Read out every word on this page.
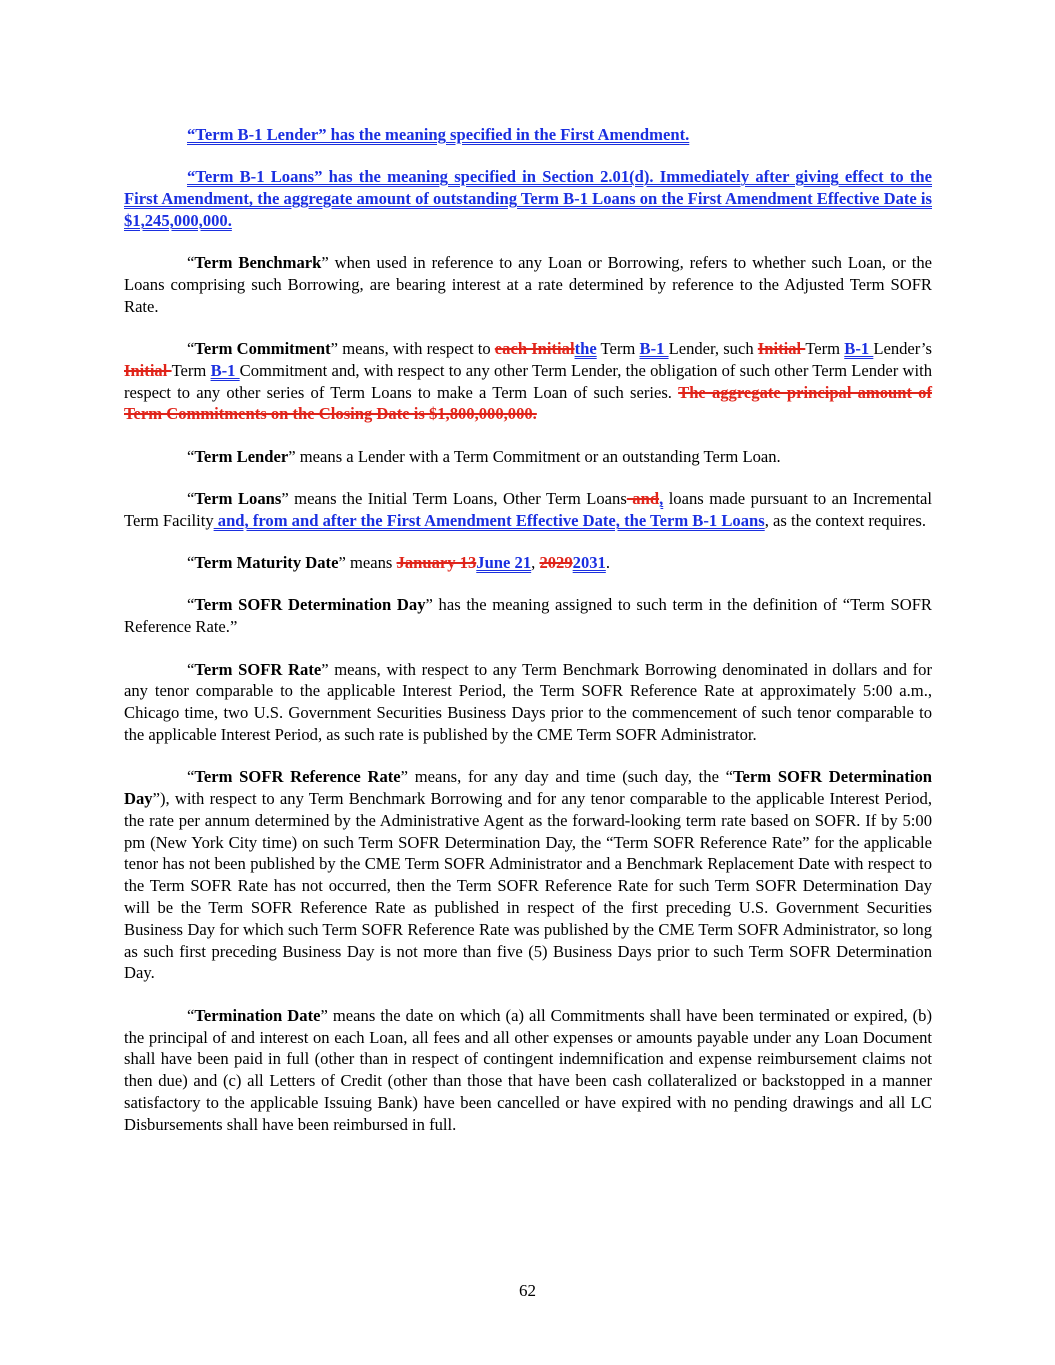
“Term B-1 Lender” has the meaning specified in the First Amendment.

“Term B-1 Loans” has the meaning specified in Section 2.01(d). Immediately after giving effect to the First Amendment, the aggregate amount of outstanding Term B-1 Loans on the First Amendment Effective Date is $1,245,000,000.

“Term Benchmark” when used in reference to any Loan or Borrowing, refers to whether such Loan, or the Loans comprising such Borrowing, are bearing interest at a rate determined by reference to the Adjusted Term SOFR Rate.

“Term Commitment” means, with respect to each Initialthe Term B-1 Lender, such Initial Term B-1 Lender’s Initial Term B-1 Commitment and, with respect to any other Term Lender, the obligation of such other Term Lender with respect to any other series of Term Loans to make a Term Loan of such series. The aggregate principal amount of Term Commitments on the Closing Date is $1,800,000,000.

“Term Lender” means a Lender with a Term Commitment or an outstanding Term Loan.

“Term Loans” means the Initial Term Loans, Other Term Loans and, loans made pursuant to an Incremental Term Facility and, from and after the First Amendment Effective Date, the Term B-1 Loans, as the context requires.

“Term Maturity Date” means January 13June 21, 20292031.

“Term SOFR Determination Day” has the meaning assigned to such term in the definition of “Term SOFR Reference Rate.”

“Term SOFR Rate” means, with respect to any Term Benchmark Borrowing denominated in dollars and for any tenor comparable to the applicable Interest Period, the Term SOFR Reference Rate at approximately 5:00 a.m., Chicago time, two U.S. Government Securities Business Days prior to the commencement of such tenor comparable to the applicable Interest Period, as such rate is published by the CME Term SOFR Administrator.

“Term SOFR Reference Rate” means, for any day and time (such day, the “Term SOFR Determination Day”), with respect to any Term Benchmark Borrowing and for any tenor comparable to the applicable Interest Period, the rate per annum determined by the Administrative Agent as the forward-looking term rate based on SOFR. If by 5:00 pm (New York City time) on such Term SOFR Determination Day, the “Term SOFR Reference Rate” for the applicable tenor has not been published by the CME Term SOFR Administrator and a Benchmark Replacement Date with respect to the Term SOFR Rate has not occurred, then the Term SOFR Reference Rate for such Term SOFR Determination Day will be the Term SOFR Reference Rate as published in respect of the first preceding U.S. Government Securities Business Day for which such Term SOFR Reference Rate was published by the CME Term SOFR Administrator, so long as such first preceding Business Day is not more than five (5) Business Days prior to such Term SOFR Determination Day.

“Termination Date” means the date on which (a) all Commitments shall have been terminated or expired, (b) the principal of and interest on each Loan, all fees and all other expenses or amounts payable under any Loan Document shall have been paid in full (other than in respect of contingent indemnification and expense reimbursement claims not then due) and (c) all Letters of Credit (other than those that have been cash collateralized or backstopped in a manner satisfactory to the applicable Issuing Bank) have been cancelled or have expired with no pending drawings and all LC Disbursements shall have been reimbursed in full.

62
